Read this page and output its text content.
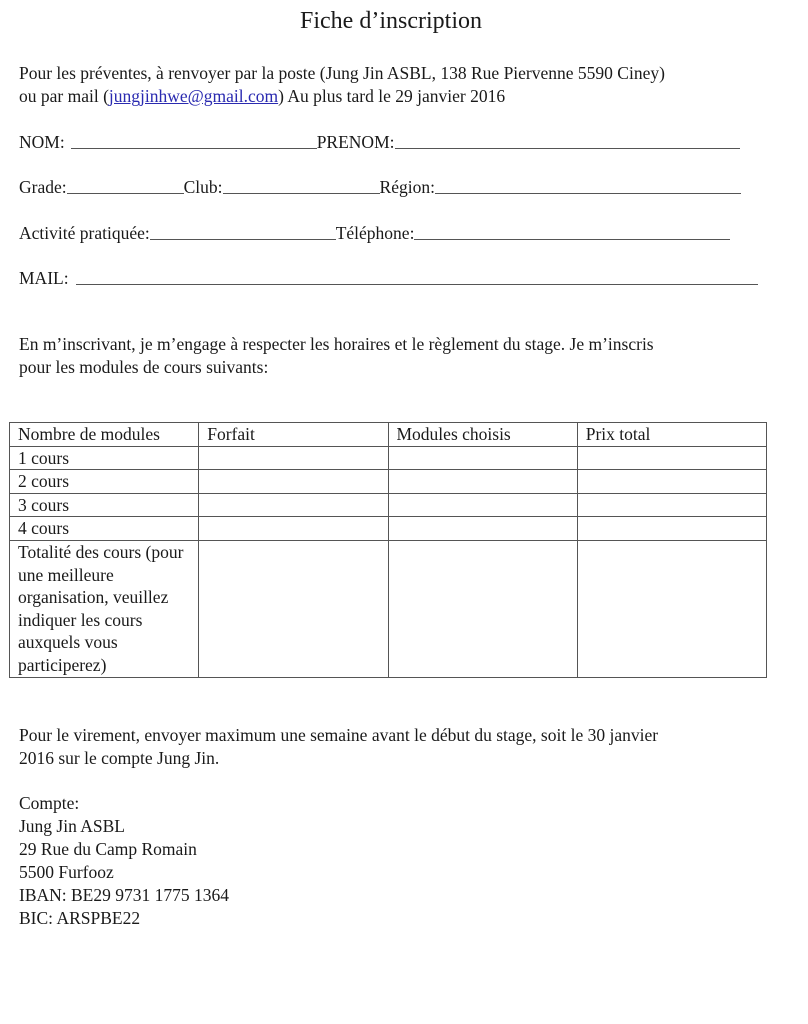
Fiche d’inscription
Pour les préventes, à renvoyer par la poste (Jung Jin ASBL, 138 Rue Piervenne 5590 Ciney)
ou par mail (jungjinhwe@gmail.com) Au plus tard le 29 janvier 2016
NOM:	PRENOM:
Grade:	Club:	Région:
Activité pratiquée:	Téléphone:
MAIL:
En m’inscrivant, je m’engage à respecter les horaires et le règlement du stage. Je m’inscris
pour les modules de cours suivants:
Nombre de modules	Forfait	Modules choisis	Prix total
1 cours			
2 cours			
3 cours			
4 cours			
Totalité des cours (pour une meilleure organisation, veuillez indiquer les cours auxquels vous participerez)			
Pour le virement, envoyer maximum une semaine avant le début du stage, soit le 30 janvier
2016 sur le compte Jung Jin.
Compte:
Jung Jin ASBL
29 Rue du Camp Romain
5500 Furfooz
IBAN: BE29 9731 1775 1364
BIC: ARSPBE22
